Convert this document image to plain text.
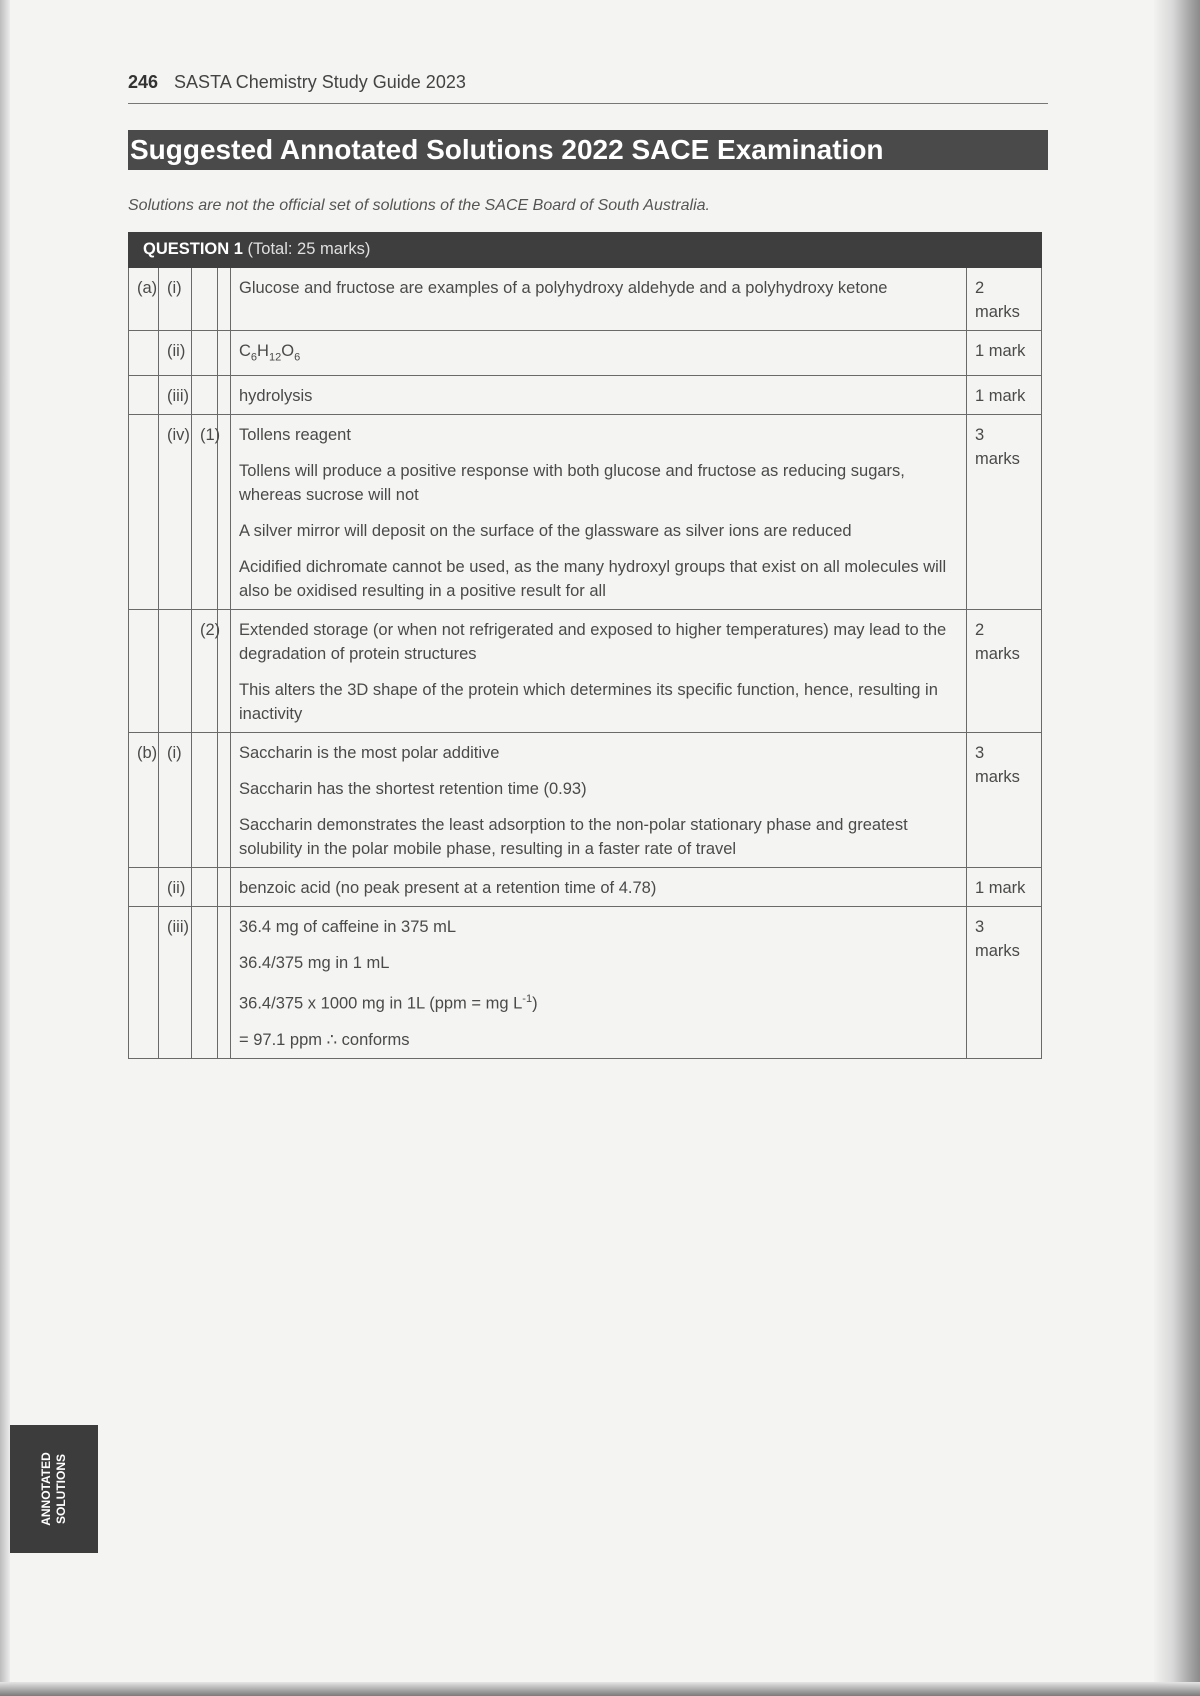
246 SASTA Chemistry Study Guide 2023
Suggested Annotated Solutions 2022 SACE Examination
Solutions are not the official set of solutions of the SACE Board of South Australia.
QUESTION 1 (Total: 25 marks)					
(a)	(i)			Glucose and fructose are examples of a polyhydroxy aldehyde and a polyhydroxy ketone	2 marks
	(ii)			$C_6H_{12}O_6$	1 mark
	(iii)			hydrolysis	1 mark
	(iv)	(1)		Tollens reagent

Tollens will produce a positive response with both glucose and fructose as reducing sugars, whereas sucrose will not

A silver mirror will deposit on the surface of the glassware as silver ions are reduced

Acidified dichromate cannot be used, as the many hydroxyl groups that exist on all molecules will also be oxidised resulting in a positive result for all	3 marks
		(2)		Extended storage (or when not refrigerated and exposed to higher temperatures) may lead to the degradation of protein structures

This alters the 3D shape of the protein which determines its specific function, hence, resulting in inactivity	2 marks
(b)	(i)			Saccharin is the most polar additive

Saccharin has the shortest retention time (0.93)

Saccharin demonstrates the least adsorption to the non-polar stationary phase and greatest solubility in the polar mobile phase, resulting in a faster rate of travel	3 marks
	(ii)			benzoic acid (no peak present at a retention time of 4.78)	1 mark
	(iii)			36.4 mg of caffeine in 375 mL

36.4/375 mg in 1 mL

36.4/375 x 1000 mg in 1L (ppm = mg $L^{-1}$)

= 97.1 ppm ∴ conforms	3 marks
ANNOTATED SOLUTIONS
